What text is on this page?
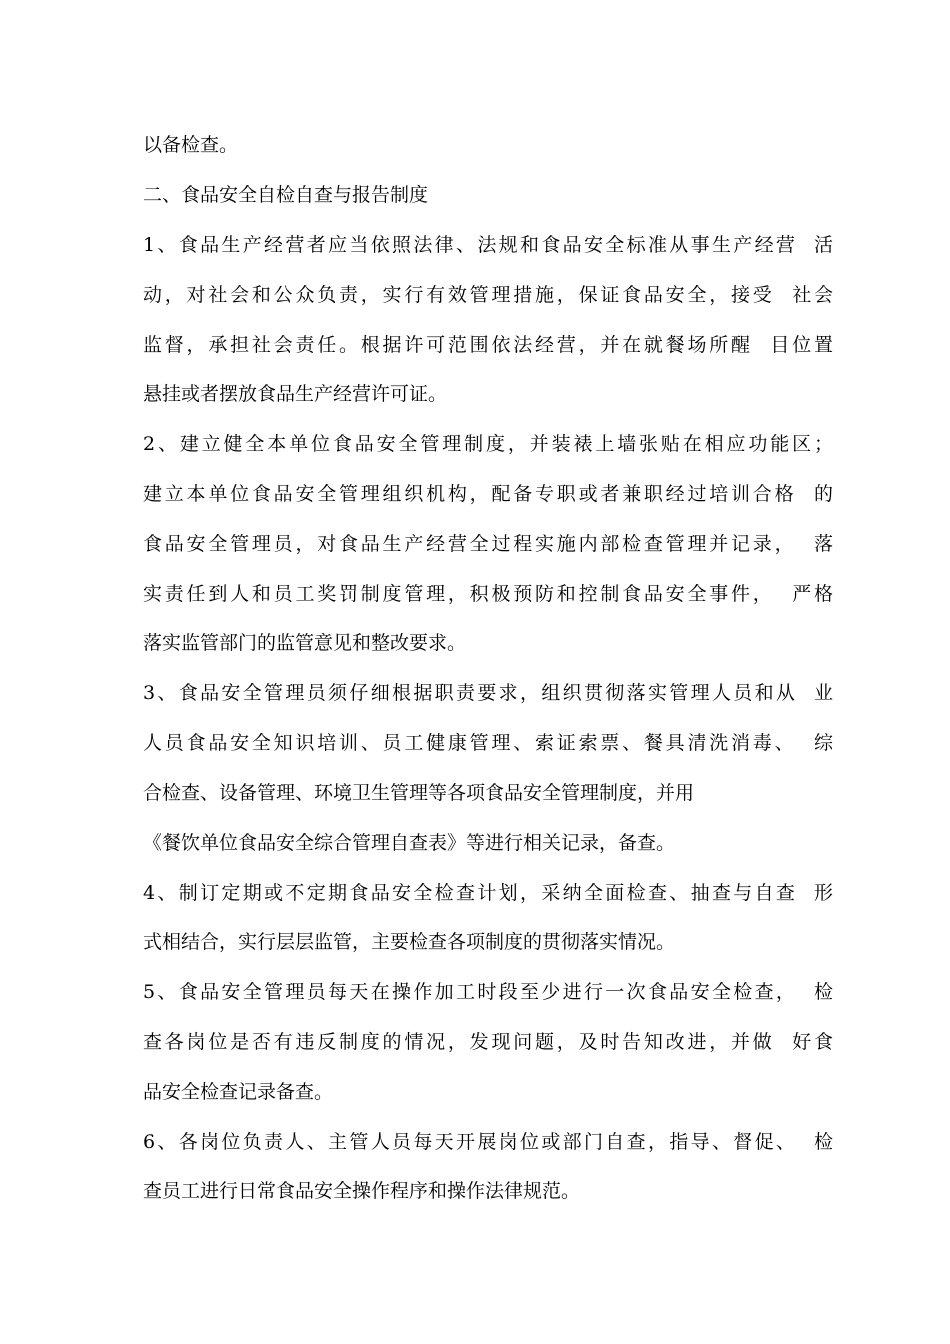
以备检查。
二、食品安全自检自查与报告制度
1、食品生产经营者应当依照法律、法规和食品安全标准从事生产经营  活
动，对社会和公众负责，实行有效管理措施，保证食品安全，接受  社会
监督，承担社会责任。根据许可范围依法经营，并在就餐场所醒  目位置
悬挂或者摆放食品生产经营许可证。
2、建立健全本单位食品安全管理制度，并装裱上墙张贴在相应功能区；
建立本单位食品安全管理组织机构，配备专职或者兼职经过培训合格  的
食品安全管理员，对食品生产经营全过程实施内部检查管理并记录，  落
实责任到人和员工奖罚制度管理，积极预防和控制食品安全事件，  严格
落实监管部门的监管意见和整改要求。
3、食品安全管理员须仔细根据职责要求，组织贯彻落实管理人员和从  业
人员食品安全知识培训、员工健康管理、索证索票、餐具清洗消毒、  综
合检查、设备管理、环境卫生管理等各项食品安全管理制度，并用
《餐饮单位食品安全综合管理自查表》等进行相关记录，备查。
4、制订定期或不定期食品安全检查计划，采纳全面检查、抽查与自查  形
式相结合，实行层层监管，主要检查各项制度的贯彻落实情况。
5、食品安全管理员每天在操作加工时段至少进行一次食品安全检查，  检
查各岗位是否有违反制度的情况，发现问题，及时告知改进，并做  好食
品安全检查记录备查。
6、各岗位负责人、主管人员每天开展岗位或部门自查，指导、督促、  检
查员工进行日常食品安全操作程序和操作法律规范。
